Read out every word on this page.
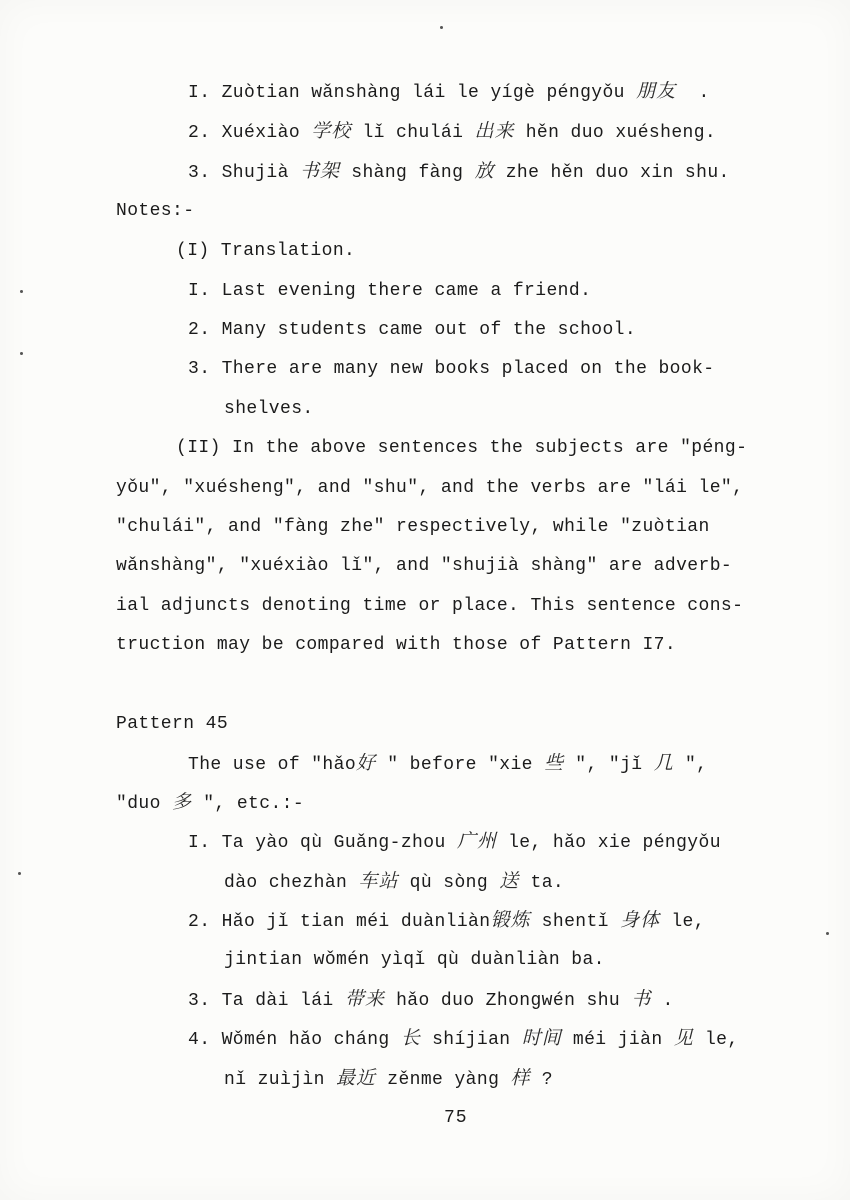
I. Zuòtian wǎnshàng lái le yígè péngyǒu 朋友 .
2. Xuéxiào 学校 lǐ chulái 出来 hěn duo xuésheng.
3. Shujià 书架 shàng fàng 放 zhe hěn duo xin shu.
Notes:-
(I) Translation.
I. Last evening there came a friend.
2. Many students came out of the school.
3. There are many new books placed on the book-
shelves.
(II) In the above sentences the subjects are "péng-
yǒu", "xuésheng", and "shu", and the verbs are "lái le",
"chulái", and "fàng zhe" respectively, while "zuòtian
wǎnshàng", "xuéxiào lǐ", and "shujià shàng" are adverb-
ial adjuncts denoting time or place. This sentence cons-
truction may be compared with those of Pattern I7.
Pattern 45
The use of "hǎo好 " before "xie 些 ", "jǐ 几 ",
"duo 多 ", etc.:-
I. Ta yào qù Guǎng-zhou 广州 le, hǎo xie péngyǒu
dào chezhàn 车站 qù sòng 送 ta.
2. Hǎo jǐ tian méi duànliàn锻炼 shentǐ 身体 le,
jintian wǒmén yìqǐ qù duànliàn ba.
3. Ta dài lái 带来 hǎo duo Zhongwén shu 书 .
4. Wǒmén hǎo cháng 长 shíjian 时间 méi jiàn 见 le,
nǐ zuìjìn 最近 zěnme yàng 样 ?
75
